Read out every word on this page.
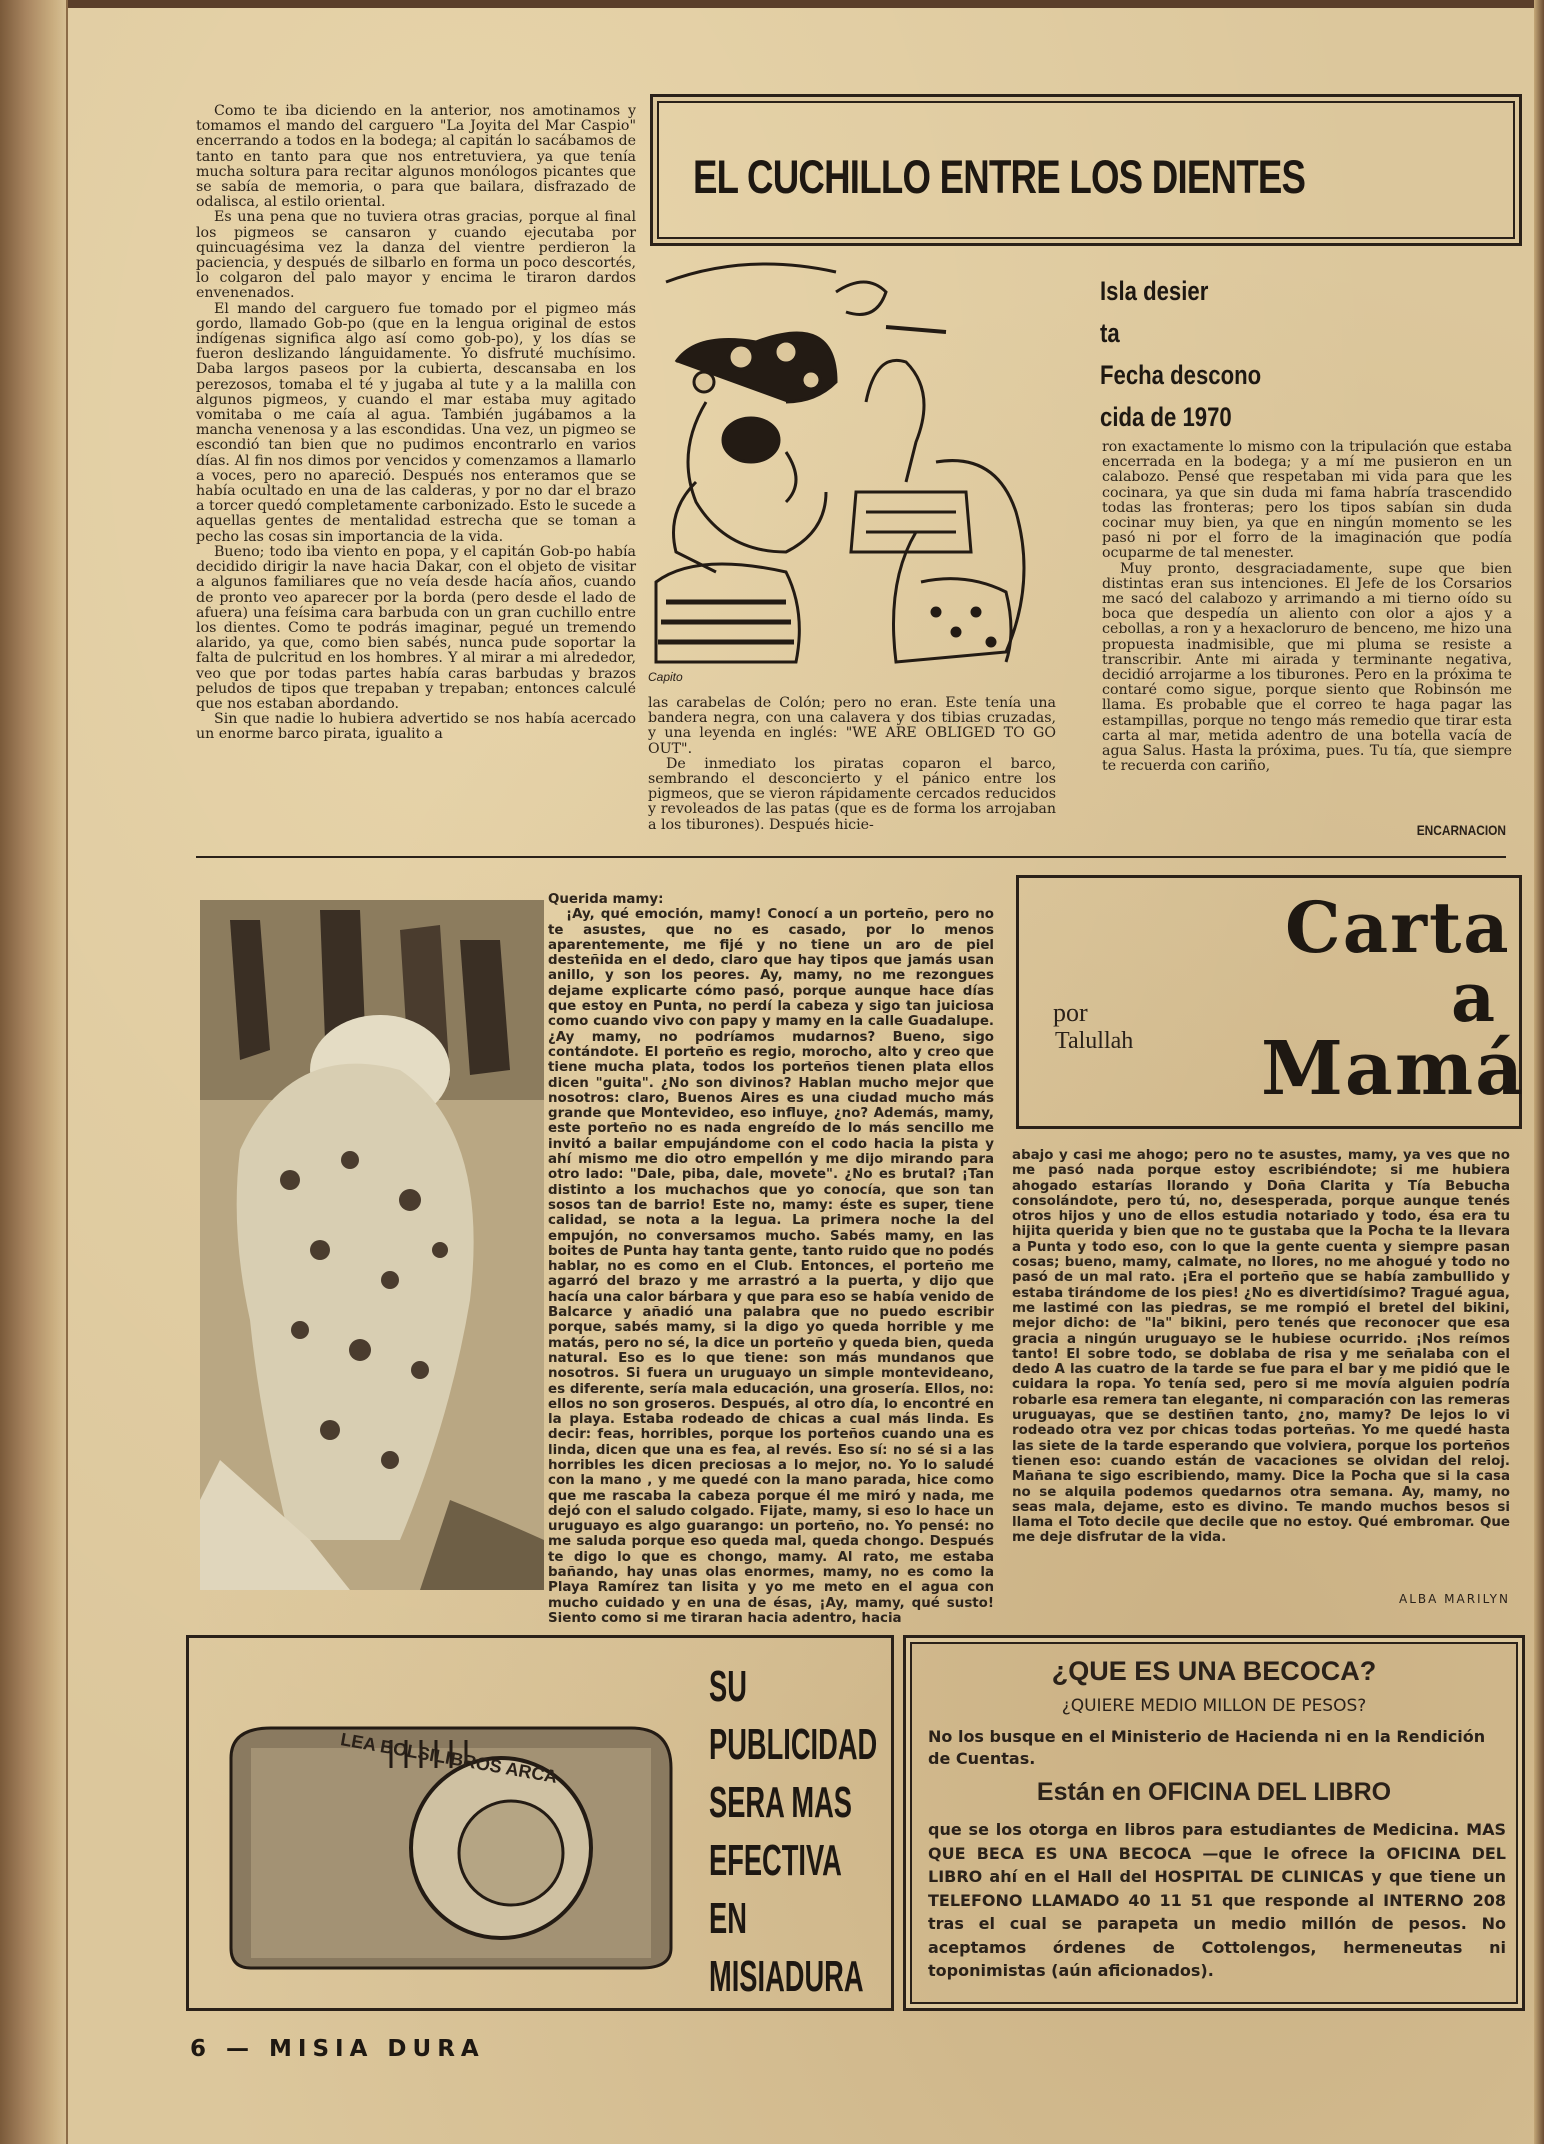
Como te iba diciendo en la anterior, nos amotinamos y tomamos el mando del carguero "La Joyita del Mar Caspio" encerrando a todos en la bodega; al capitán lo sacábamos de tanto en tanto para que nos entretuviera, ya que tenía mucha soltura para recitar algunos monólogos picantes que se sabía de memoria, o para que bailara, disfrazado de odalisca, al estilo oriental.

Es una pena que no tuviera otras gracias, porque al final los pigmeos se cansaron y cuando ejecutaba por quincuagésima vez la danza del vientre perdieron la paciencia, y después de silbarlo en forma un poco descortés, lo colgaron del palo mayor y encima le tiraron dardos envenenados.

El mando del carguero fue tomado por el pigmeo más gordo, llamado Gob-po (que en la lengua original de estos indígenas significa algo así como gob-po), y los días se fueron deslizando lánguidamente. Yo disfruté muchísimo. Daba largos paseos por la cubierta, descansaba en los perezosos, tomaba el té y jugaba al tute y a la malilla con algunos pigmeos, y cuando el mar estaba muy agitado vomitaba o me caía al agua. También jugábamos a la mancha venenosa y a las escondidas. Una vez, un pigmeo se escondió tan bien que no pudimos encontrarlo en varios días. Al fin nos dimos por vencidos y comenzamos a llamarlo a voces, pero no apareció. Después nos enteramos que se había ocultado en una de las calderas, y por no dar el brazo a torcer quedó completamente carbonizado. Esto le sucede a aquellas gentes de mentalidad estrecha que se toman a pecho las cosas sin importancia de la vida.

Bueno; todo iba viento en popa, y el capitán Gob-po había decidido dirigir la nave hacia Dakar, con el objeto de visitar a algunos familiares que no veía desde hacía años, cuando de pronto veo aparecer por la borda (pero desde el lado de afuera) una feísima cara barbuda con un gran cuchillo entre los dientes. Como te podrás imaginar, pegué un tremendo alarido, ya que, como bien sabés, nunca pude soportar la falta de pulcritud en los hombres. Y al mirar a mi alrededor, veo que por todas partes había caras barbudas y brazos peludos de tipos que trepaban y trepaban; entonces calculé que nos estaban abordando.

Sin que nadie lo hubiera advertido se nos había acercado un enorme barco pirata, igualito a

EL CUCHILLO ENTRE LOS DIENTES
Capito

las carabelas de Colón; pero no eran. Este tenía una bandera negra, con una calavera y dos tibias cruzadas, y una leyenda en inglés: "WE ARE OBLIGED TO GO OUT".

De inmediato los piratas coparon el barco, sembrando el desconcierto y el pánico entre los pigmeos, que se vieron rápidamente cercados reducidos y revoleados de las patas (que es de forma los arrojaban a los tiburones). Después hicie-

Isla desier
ta
Fecha descono
cida de 1970

ron exactamente lo mismo con la tripulación que estaba encerrada en la bodega; y a mí me pusieron en un calabozo. Pensé que respetaban mi vida para que les cocinara, ya que sin duda mi fama habría trascendido todas las fronteras; pero los tipos sabían sin duda cocinar muy bien, ya que en ningún momento se les pasó ni por el forro de la imaginación que podía ocuparme de tal menester.

Muy pronto, desgraciadamente, supe que bien distintas eran sus intenciones. El Jefe de los Corsarios me sacó del calabozo y arrimando a mi tierno oído su boca que despedía un aliento con olor a ajos y a cebollas, a ron y a hexacloruro de benceno, me hizo una propuesta inadmisible, que mi pluma se resiste a transcribir. Ante mi airada y terminante negativa, decidió arrojarme a los tiburones. Pero en la próxima te contaré como sigue, porque siento que Robinsón me llama. Es probable que el correo te haga pagar las estampillas, porque no tengo más remedio que tirar esta carta al mar, metida adentro de una botella vacía de agua Salus. Hasta la próxima, pues. Tu tía, que siempre te recuerda con cariño,

ENCARNACION

Querida mamy:

¡Ay, qué emoción, mamy! Conocí a un porteño, pero no te asustes, que no es casado, por lo menos aparentemente, me fijé y no tiene un aro de piel desteñida en el dedo, claro que hay tipos que jamás usan anillo, y son los peores. Ay, mamy, no me rezongues dejame explicarte cómo pasó, porque aunque hace días que estoy en Punta, no perdí la cabeza y sigo tan juiciosa como cuando vivo con papy y mamy en la calle Guadalupe. ¿Ay mamy, no podríamos mudarnos? Bueno, sigo contándote. El porteño es regio, morocho, alto y creo que tiene mucha plata, todos los porteños tienen plata ellos dicen "guita". ¿No son divinos? Hablan mucho mejor que nosotros: claro, Buenos Aires es una ciudad mucho más grande que Montevideo, eso influye, ¿no? Además, mamy, este porteño no es nada engreído de lo más sencillo me invitó a bailar empujándome con el codo hacia la pista y ahí mismo me dio otro empellón y me dijo mirando para otro lado: "Dale, piba, dale, movete". ¿No es brutal? ¡Tan distinto a los muchachos que yo conocía, que son tan sosos tan de barrio! Este no, mamy: éste es super, tiene calidad, se nota a la legua. La primera noche la del empujón, no conversamos mucho. Sabés mamy, en las boites de Punta hay tanta gente, tanto ruido que no podés hablar, no es como en el Club. Entonces, el porteño me agarró del brazo y me arrastró a la puerta, y dijo que hacía una calor bárbara y que para eso se había venido de Balcarce y añadió una palabra que no puedo escribir porque, sabés mamy, si la digo yo queda horrible y me matás, pero no sé, la dice un porteño y queda bien, queda natural. Eso es lo que tiene: son más mundanos que nosotros. Si fuera un uruguayo un simple montevideano, es diferente, sería mala educación, una grosería. Ellos, no: ellos no son groseros. Después, al otro día, lo encontré en la playa. Estaba rodeado de chicas a cual más linda. Es decir: feas, horribles, porque los porteños cuando una es linda, dicen que una es fea, al revés. Eso sí: no sé si a las horribles les dicen preciosas a lo mejor, no. Yo lo saludé con la mano , y me quedé con la mano parada, hice como que me rascaba la cabeza porque él me miró y nada, me dejó con el saludo colgado. Fijate, mamy, si eso lo hace un uruguayo es algo guarango: un porteño, no. Yo pensé: no me saluda porque eso queda mal, queda chongo. Después te digo lo que es chongo, mamy. Al rato, me estaba bañando, hay unas olas enormes, mamy, no es como la Playa Ramírez tan lisita y yo me meto en el agua con mucho cuidado y en una de ésas, ¡Ay, mamy, qué susto! Siento como si me tiraran hacia adentro, hacia

Carta
a
Mamá
por
Talullah

abajo y casi me ahogo; pero no te asustes, mamy, ya ves que no me pasó nada porque estoy escribiéndote; si me hubiera ahogado estarías llorando y Doña Clarita y Tía Bebucha consolándote, pero tú, no, desesperada, porque aunque tenés otros hijos y uno de ellos estudia notariado y todo, ésa era tu hijita querida y bien que no te gustaba que la Pocha te la llevara a Punta y todo eso, con lo que la gente cuenta y siempre pasan cosas; bueno, mamy, calmate, no llores, no me ahogué y todo no pasó de un mal rato. ¡Era el porteño que se había zambullido y estaba tirándome de los pies! ¿No es divertidísimo? Tragué agua, me lastimé con las piedras, se me rompió el bretel del bikini, mejor dicho: de "la" bikini, pero tenés que reconocer que esa gracia a ningún uruguayo se le hubiese ocurrido. ¡Nos reímos tanto! El sobre todo, se doblaba de risa y me señalaba con el dedo A las cuatro de la tarde se fue para el bar y me pidió que le cuidara la ropa. Yo tenía sed, pero si me movía alguien podría robarle esa remera tan elegante, ni comparación con las remeras uruguayas, que se destiñen tanto, ¿no, mamy? De lejos lo vi rodeado otra vez por chicas todas porteñas. Yo me quedé hasta las siete de la tarde esperando que volviera, porque los porteños tienen eso: cuando están de vacaciones se olvidan del reloj. Mañana te sigo escribiendo, mamy. Dice la Pocha que si la casa no se alquila podemos quedarnos otra semana. Ay, mamy, no seas mala, dejame, esto es divino. Te mando muchos besos si llama el Toto decile que decile que no estoy. Qué embromar. Que me deje disfrutar de la vida.

ALBA MARILYN
LEA BOLSILIBROS ARCA
SU
PUBLICIDAD
SERA MAS
EFECTIVA
EN
MISIADURA
¿QUE ES UNA BECOCA?
¿QUIERE MEDIO MILLON DE PESOS?
No los busque en el Ministerio de Hacienda ni en la Rendición de Cuentas.
Están en OFICINA DEL LIBRO
que se los otorga en libros para estudiantes de Medicina. MAS QUE BECA ES UNA BECOCA —que le ofrece la OFICINA DEL LIBRO ahí en el Hall del HOSPITAL DE CLINICAS y que tiene un TELEFONO LLAMADO 40 11 51 que responde al INTERNO 208 tras el cual se parapeta un medio millón de pesos. No aceptamos órdenes de Cottolengos, hermeneutas ni toponimistas (aún aficionados).
6 — MISIA DURA
